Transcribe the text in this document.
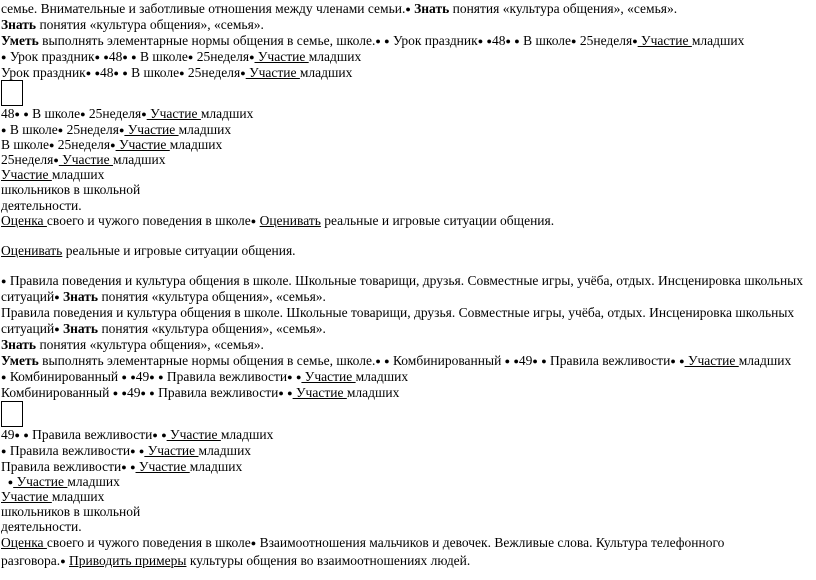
семье. Внимательные и заботливые отношения между членами семьи.● Знать понятия «культура общения», «семья».
Знать понятия «культура общения», «семья».
Уметь выполнять элементарные нормы общения в семье, школе.● ● Урок праздник● ●48● ● В школе● 25неделя● Участие младших
● Урок праздник● ●48● ● В школе● 25неделя● Участие младших
Урок праздник● ●48● ● В школе● 25неделя● Участие младших
48● ● В школе● 25неделя● Участие младших
● В школе● 25неделя● Участие младших
В школе● 25неделя● Участие младших
25неделя● Участие младших
Участие младших
школьников в школьной
деятельности.
Оценка своего и чужого поведения в школе● Оценивать реальные и игровые ситуации общения.
Оценивать реальные и игровые ситуации общения.
● Правила поведения и культура общения в школе. Школьные товарищи, друзья. Совместные игры, учёба, отдых. Инсценировка школьных
ситуаций● Знать понятия «культура общения», «семья».
Правила поведения и культура общения в школе. Школьные товарищи, друзья. Совместные игры, учёба, отдых. Инсценировка школьных
ситуаций● Знать понятия «культура общения», «семья».
Знать понятия «культура общения», «семья».
Уметь выполнять элементарные нормы общения в семье, школе.● ● Комбинированный ● ●49● ● Правила вежливости● ● Участие младших
● Комбинированный ● ●49● ● Правила вежливости● ● Участие младших
Комбинированный ● ●49● ● Правила вежливости● ● Участие младших
49● ● Правила вежливости● ● Участие младших
● Правила вежливости● ● Участие младших
Правила вежливости● ● Участие младших
● Участие младших
Участие младших
школьников в школьной
деятельности.
Оценка своего и чужого поведения в школе● Взаимоотношения мальчиков и девочек. Вежливые слова. Культура телефонного
разговора.● Приводить примеры культуры общения во взаимоотношениях людей.
